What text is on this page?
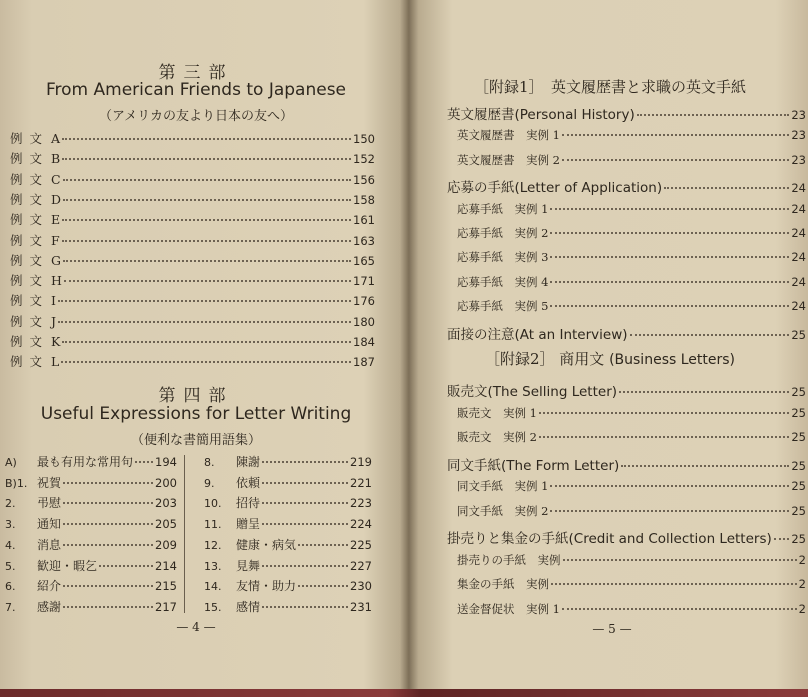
第三部
From American Friends to Japanese
（アメリカの友より日本の友へ）
例文 A	150
例文 B	152
例文 C	156
例文 D	158
例文 E	161
例文 F	163
例文 G	165
例文 H	171
例文 I	176
例文 J	180
例文 K	184
例文 L	187
第四部
Useful Expressions for Letter Writing
（便利な書簡用語集）
A)	最も有用な常用句 194
B)1. 祝賀	200
2.	弔慰	203
3.	通知	205
4.	消息	209
5.	歓迎・暇乞	214
6.	紹介	215
7.	感謝	217
8.	陳謝	219
9.	依頼	221
10.	招待	223
11.	贈呈	224
12.	健康・病気	225
13.	見舞	227
14.	友情・助力	230
15.	感情	231
— 4 —
［附録1］　英文履歴書と求職の英文手紙
英文履歴書 (Personal History)	23
英文履歴書　実例 1	23
英文履歴書　実例 2	23
応募の手紙 (Letter of Application)	24
応募手紙　実例 1	24
応募手紙　実例 2	24
応募手紙　実例 3	24
応募手紙　実例 4	24
応募手紙　実例 5	24
面接の注意 (At an Interview)	25
［附録2］ 商用文 (Business Letters)
販売文 (The Selling Letter)	25
販売文　実例 1	25
販売文　実例 2	25
同文手紙 (The Form Letter)	25
同文手紙　実例 1	25
同文手紙　実例 2	25
掛売りと集金の手紙 (Credit and Collection Letters) 25
掛売りの手紙　実例	2
集金の手紙　実例	2
送金督促状　実例 1	2
— 5 —
